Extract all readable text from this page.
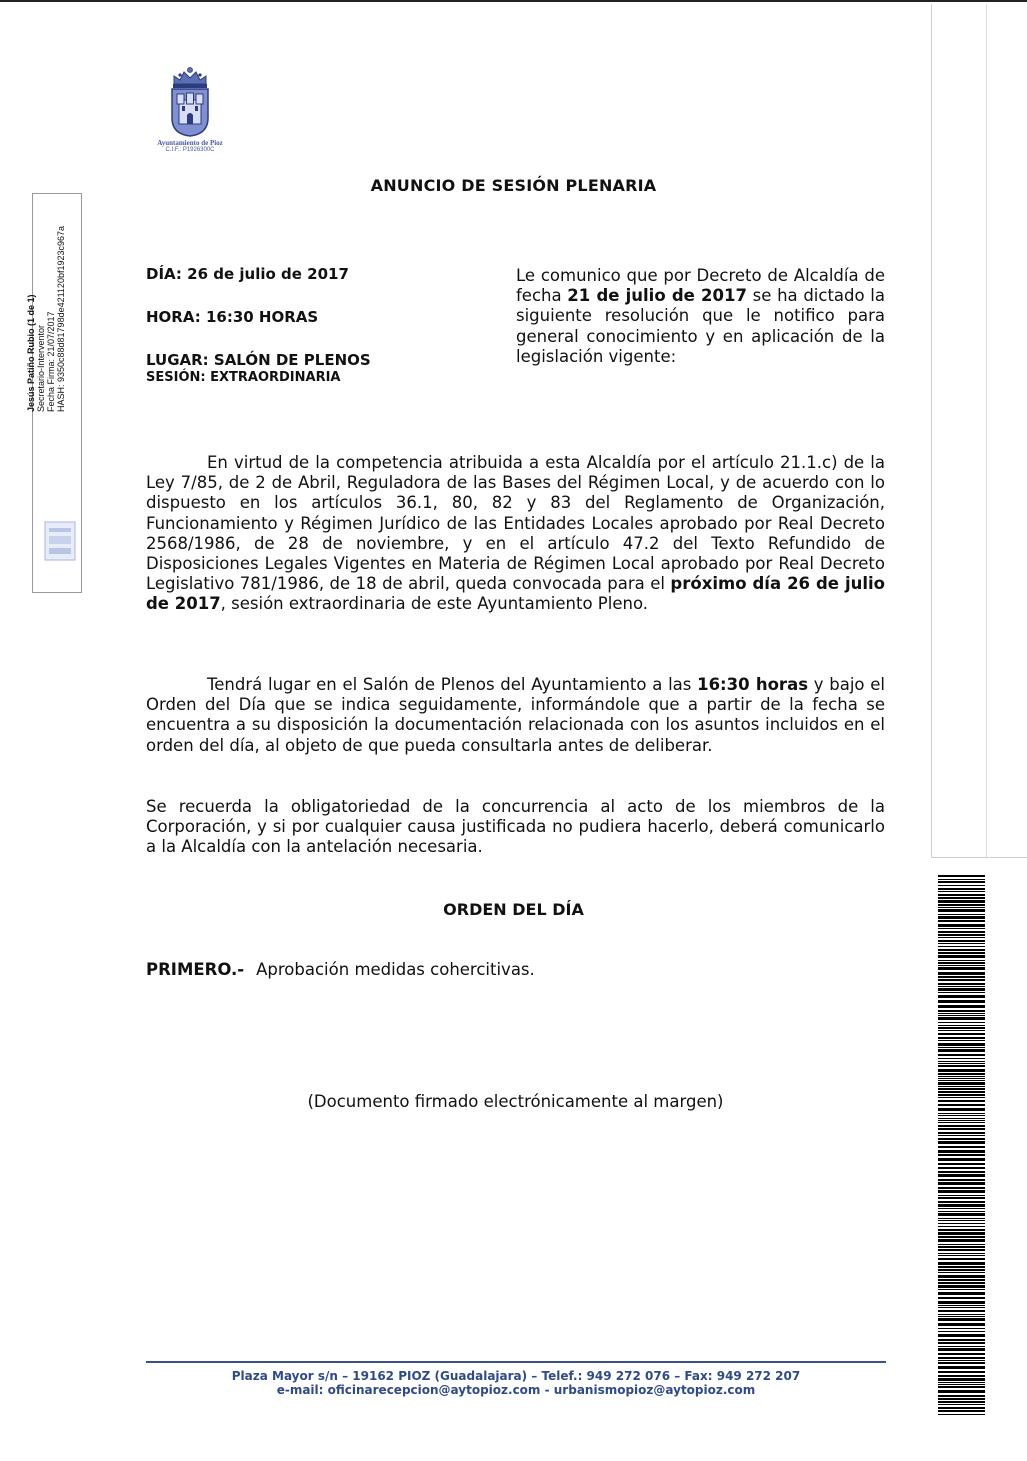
Ayuntamiento de Pioz
C.I.F.: P1926300C
Jesús Patiño Rubio (1 de 1) Secretario-Interventor Fecha Firma: 21/07/2017 HASH: 9350c88d81798de421120bf1923c967a
ANUNCIO DE SESIÓN PLENARIA
DÍA: 26 de julio de 2017
HORA: 16:30 HORAS
LUGAR: SALÓN DE PLENOS
SESIÓN: EXTRAORDINARIA

Le comunico que por Decreto de Alcaldía de fecha 21 de julio de 2017 se ha dictado la siguiente resolución que le notifico para general conocimiento y en aplicación de la legislación vigente:

En virtud de la competencia atribuida a esta Alcaldía por el artículo 21.1.c) de la Ley 7/85, de 2 de Abril, Reguladora de las Bases del Régimen Local, y de acuerdo con lo dispuesto en los artículos 36.1, 80, 82 y 83 del Reglamento de Organización, Funcionamiento y Régimen Jurídico de las Entidades Locales aprobado por Real Decreto 2568/1986, de 28 de noviembre, y en el artículo 47.2 del Texto Refundido de Disposiciones Legales Vigentes en Materia de Régimen Local aprobado por Real Decreto Legislativo 781/1986, de 18 de abril, queda convocada para el próximo día 26 de julio de 2017, sesión extraordinaria de este Ayuntamiento Pleno.

Tendrá lugar en el Salón de Plenos del Ayuntamiento a las 16:30 horas y bajo el Orden del Día que se indica seguidamente, informándole que a partir de la fecha se encuentra a su disposición la documentación relacionada con los asuntos incluidos en el orden del día, al objeto de que pueda consultarla antes de deliberar.

Se recuerda la obligatoriedad de la concurrencia al acto de los miembros de la Corporación, y si por cualquier causa justificada no pudiera hacerlo, deberá comunicarlo a la Alcaldía con la antelación necesaria.

ORDEN DEL DÍA
PRIMERO.- Aprobación medidas cohercitivas.
(Documento firmado electrónicamente al margen)
Plaza Mayor s/n – 19162 PIOZ (Guadalajara) – Telef.: 949 272 076 – Fax: 949 272 207
e-mail: oficinarecepcion@aytopioz.com - urbanismopioz@aytopioz.com
